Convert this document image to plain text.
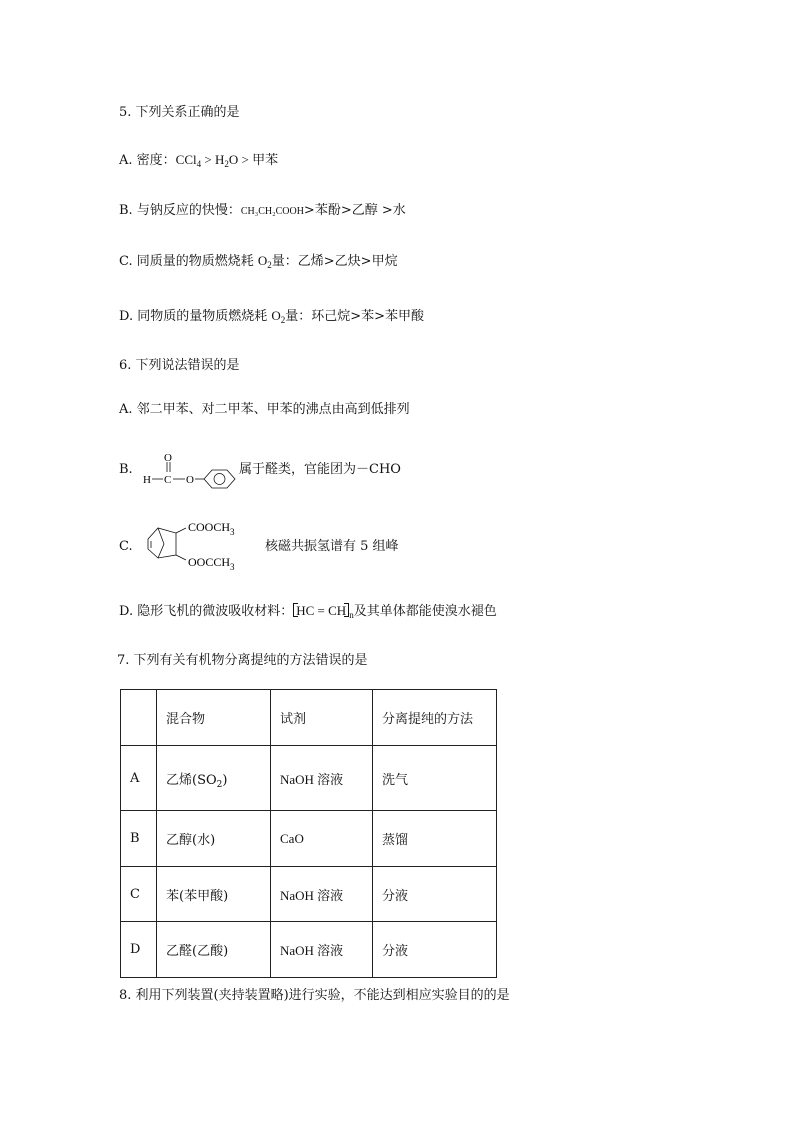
5. 下列关系正确的是
A. 密度：$CCl_4 > H_2O$ > 甲苯
B. 与钠反应的快慢：CH₃CH₂COOH>苯酚>乙醇 >水
C. 同质量的物质燃烧耗 $O_2$量：乙烯>乙炔>甲烷
D. 同物质的量物质燃烧耗 $O_2$量：环己烷>苯>苯甲酸
6. 下列说法错误的是
A. 邻二甲苯、对二甲苯、甲苯的沸点由高到低排列
B.
H C
O
O
属于醛类，官能团为－CHO
C.
$COOCH_3$
$OOCCH_3$
核磁共振氢谱有 5 组峰
D. 隐形飞机的微波吸收材料： HC = CH $_n$及其单体都能使溴水褪色
7. 下列有关有机物分离提纯的方法错误的是
	混合物	试剂	分离提纯的方法
A	乙烯$(SO_2)$	NaOH 溶液	洗气
B	乙醇(水)	CaO	蒸馏
C	苯(苯甲酸)	NaOH 溶液	分液
D	乙醛(乙酸)	NaOH 溶液	分液
8. 利用下列装置(夹持装置略)进行实验，不能达到相应实验目的的是
